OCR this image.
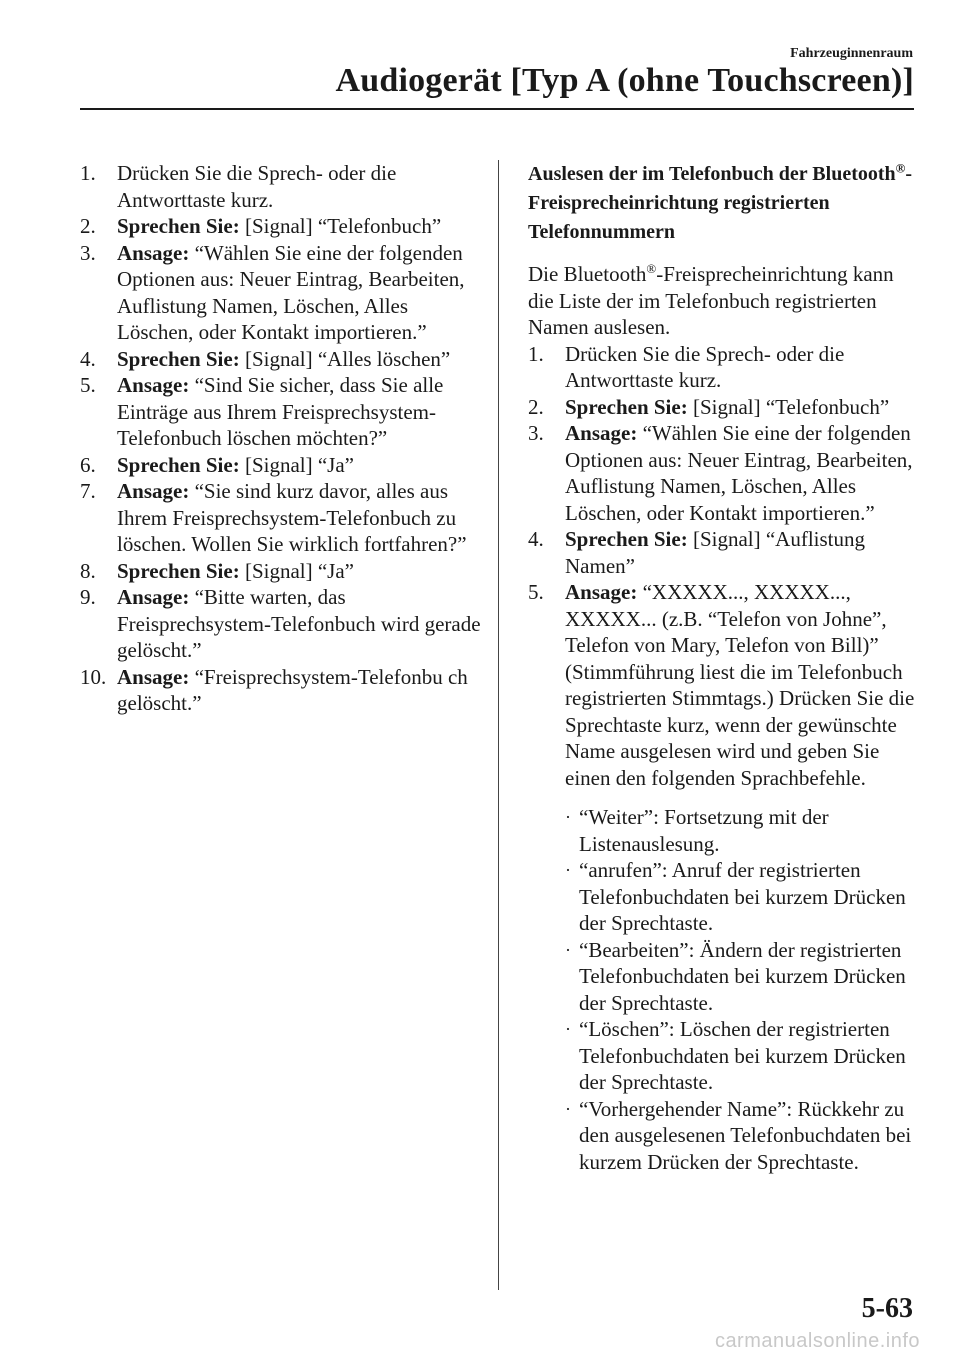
Fahrzeuginnenraum
Audiogerät [Typ A (ohne Touchscreen)]
1. Drücken Sie die Sprech- oder die Antworttaste kurz.
2. Sprechen Sie: [Signal] “Telefonbuch”
3. Ansage: “Wählen Sie eine der folgenden Optionen aus: Neuer Eintrag, Bearbeiten, Auflistung Namen, Löschen, Alles Löschen, oder Kontakt importieren.”
4. Sprechen Sie: [Signal] “Alles löschen”
5. Ansage: “Sind Sie sicher, dass Sie alle Einträge aus Ihrem Freisprechsystem-Telefonbuch löschen möchten?”
6. Sprechen Sie: [Signal] “Ja”
7. Ansage: “Sie sind kurz davor, alles aus Ihrem Freisprechsystem-Telefonbuch zu löschen. Wollen Sie wirklich fortfahren?”
8. Sprechen Sie: [Signal] “Ja”
9. Ansage: “Bitte warten, das Freisprechsystem-Telefonbuch wird gerade gelöscht.”
10. Ansage: “Freisprechsystem-Telefonbu ch gelöscht.”

Auslesen der im Telefonbuch der Bluetooth®-Freisprecheinrichtung registrierten Telefonnummern

Die Bluetooth®-Freisprecheinrichtung kann die Liste der im Telefonbuch registrierten Namen auslesen.
1. Drücken Sie die Sprech- oder die Antworttaste kurz.
2. Sprechen Sie: [Signal] “Telefonbuch”
3. Ansage: “Wählen Sie eine der folgenden Optionen aus: Neuer Eintrag, Bearbeiten, Auflistung Namen, Löschen, Alles Löschen, oder Kontakt importieren.”
4. Sprechen Sie: [Signal] “Auflistung Namen”
5. Ansage: “XXXXX..., XXXXX..., XXXXX... (z.B. “Telefon von Johne”, Telefon von Mary, Telefon von Bill)” (Stimmführung liest die im Telefonbuch registrierten Stimmtags.) Drücken Sie die Sprechtaste kurz, wenn der gewünschte Name ausgelesen wird und geben Sie einen den folgenden Sprachbefehle.
· “Weiter”: Fortsetzung mit der Listenauslesung.
· “anrufen”: Anruf der registrierten Telefonbuchdaten bei kurzem Drücken der Sprechtaste.
· “Bearbeiten”: Ändern der registrierten Telefonbuchdaten bei kurzem Drücken der Sprechtaste.
· “Löschen”: Löschen der registrierten Telefonbuchdaten bei kurzem Drücken der Sprechtaste.
· “Vorhergehender Name”: Rückkehr zu den ausgelesenen Telefonbuchdaten bei kurzem Drücken der Sprechtaste.
5-63
carmanualsonline.info
